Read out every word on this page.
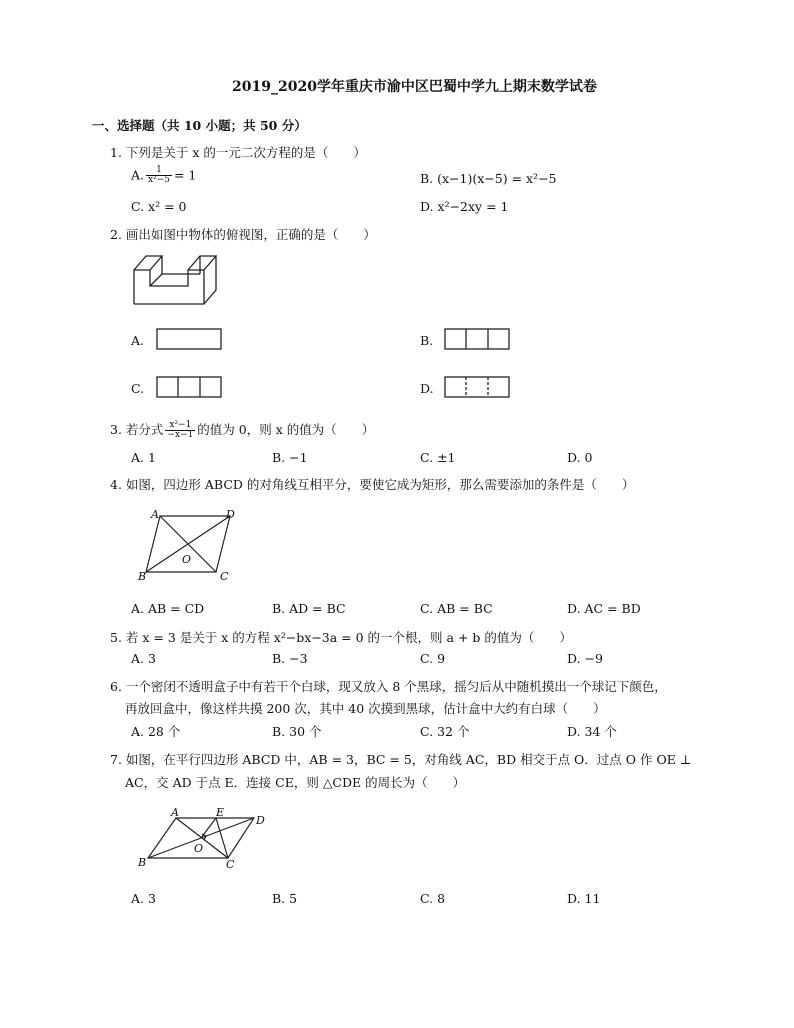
2019_2020学年重庆市渝中区巴蜀中学九上期末数学试卷
一、选择题（共 10 小题；共 50 分）
1. 下列是关于 x 的一元二次方程的是（　　）
A. $\frac{1}{\text{x²−5}} = 1$	B. (x−1)(x−5) = x²−5
C. x² = 0	D. x²−2xy = 1
2. 画出如图中物体的俯视图，正确的是（　　）
A.	B.
C.	D.
3. 若分式 $\frac{\text{x²−1}}{-x-1}$ 的值为 0，则 x 的值为（　　）
A. 1	B. −1	C. ±1	D. 0
4. 如图，四边形 ABCD 的对角线互相平分，要使它成为矩形，那么需要添加的条件是（　　）
A	D
B	C
O
A. AB = CD	B. AD = BC	C. AB = BC	D. AC = BD
5. 若 x = 3 是关于 x 的方程 x²−bx−3a = 0 的一个根，则 a + b 的值为（　　）
A. 3	B. −3	C. 9	D. −9
6. 一个密闭不透明盒子中有若干个白球，现又放入 8 个黑球，摇匀后从中随机摸出一个球记下颜色，
再放回盒中，像这样共摸 200 次，其中 40 次摸到黑球，估计盒中大约有白球（　　）
A. 28 个	B. 30 个	C. 32 个	D. 34 个
7. 如图，在平行四边形 ABCD 中，AB = 3，BC = 5，对角线 AC，BD 相交于点 O．过点 O 作 OE ⊥
AC，交 AD 于点 E．连接 CE，则 △CDE 的周长为（　　）
A	E
D
B	C
O
A. 3	B. 5	C. 8	D. 11
